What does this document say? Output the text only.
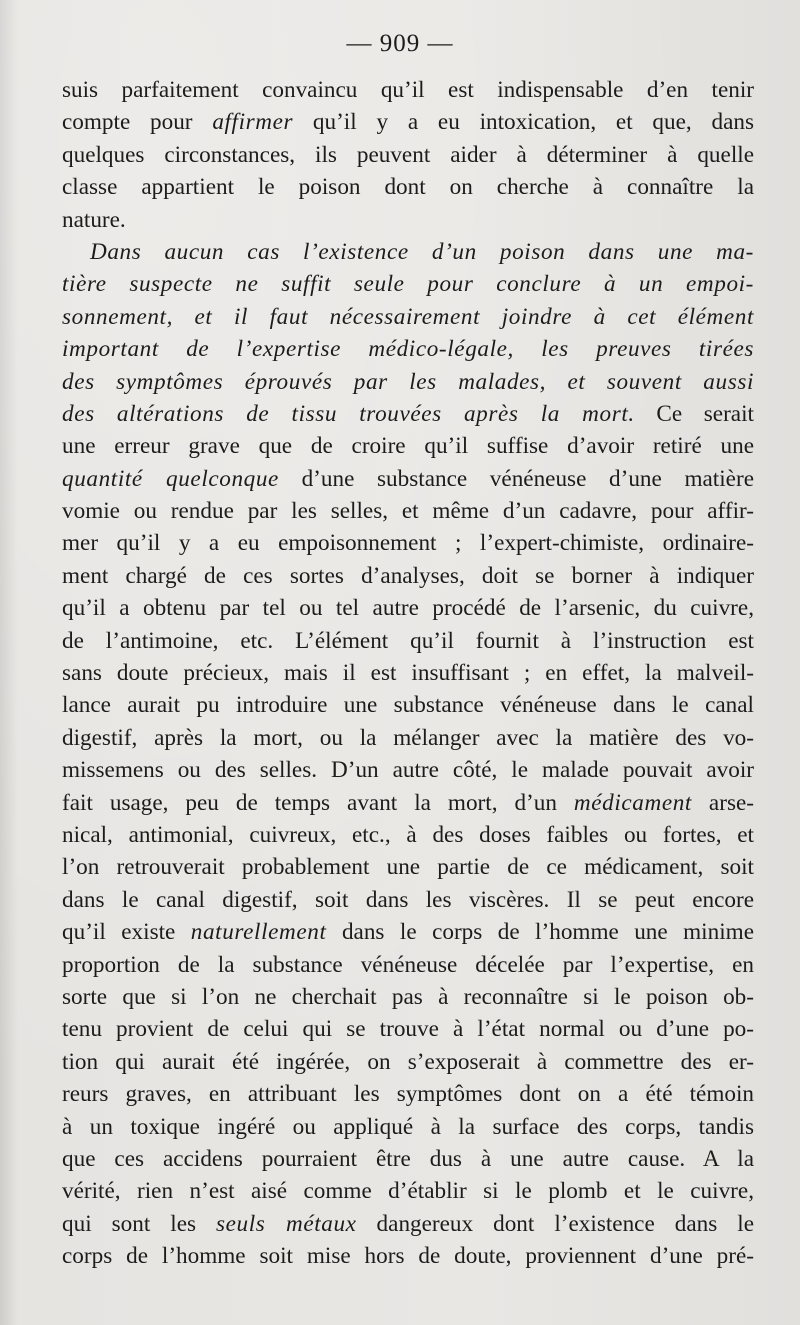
— 909 —
suis parfaitement convaincu qu’il est indispensable d’en tenir
compte pour affirmer qu’il y a eu intoxication, et que, dans
quelques circonstances, ils peuvent aider à déterminer à quelle
classe appartient le poison dont on cherche à connaître la
nature.
Dans aucun cas l’existence d’un poison dans une ma-
tière suspecte ne suffit seule pour conclure à un empoi-
sonnement, et il faut nécessairement joindre à cet élément
important de l’expertise médico-légale, les preuves tirées
des symptômes éprouvés par les malades, et souvent aussi
des altérations de tissu trouvées après la mort. Ce serait
une erreur grave que de croire qu’il suffise d’avoir retiré une
quantité quelconque d’une substance vénéneuse d’une matière
vomie ou rendue par les selles, et même d’un cadavre, pour affir-
mer qu’il y a eu empoisonnement ; l’expert-chimiste, ordinaire-
ment chargé de ces sortes d’analyses, doit se borner à indiquer
qu’il a obtenu par tel ou tel autre procédé de l’arsenic, du cuivre,
de l’antimoine, etc. L’élément qu’il fournit à l’instruction est
sans doute précieux, mais il est insuffisant ; en effet, la malveil-
lance aurait pu introduire une substance vénéneuse dans le canal
digestif, après la mort, ou la mélanger avec la matière des vo-
missemens ou des selles. D’un autre côté, le malade pouvait avoir
fait usage, peu de temps avant la mort, d’un médicament arse-
nical, antimonial, cuivreux, etc., à des doses faibles ou fortes, et
l’on retrouverait probablement une partie de ce médicament, soit
dans le canal digestif, soit dans les viscères. Il se peut encore
qu’il existe naturellement dans le corps de l’homme une minime
proportion de la substance vénéneuse décelée par l’expertise, en
sorte que si l’on ne cherchait pas à reconnaître si le poison ob-
tenu provient de celui qui se trouve à l’état normal ou d’une po-
tion qui aurait été ingérée, on s’exposerait à commettre des er-
reurs graves, en attribuant les symptômes dont on a été témoin
à un toxique ingéré ou appliqué à la surface des corps, tandis
que ces accidens pourraient être dus à une autre cause. A la
vérité, rien n’est aisé comme d’établir si le plomb et le cuivre,
qui sont les seuls métaux dangereux dont l’existence dans le
corps de l’homme soit mise hors de doute, proviennent d’une pré-
